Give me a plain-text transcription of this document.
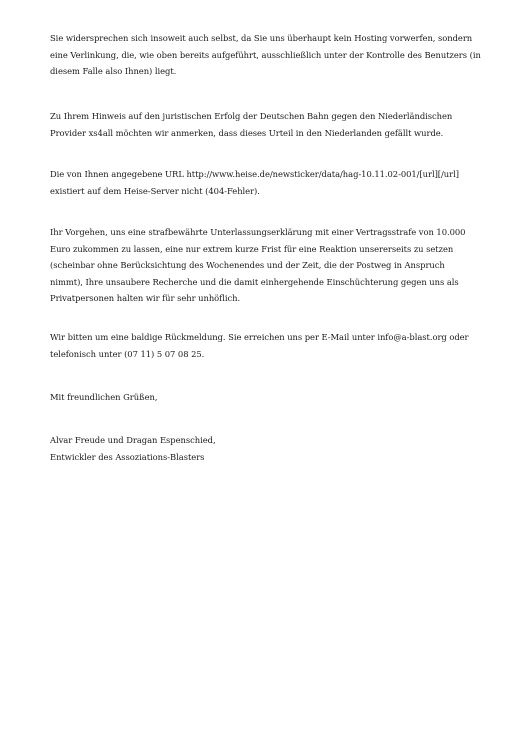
Sie widersprechen sich insoweit auch selbst, da Sie uns überhaupt kein Hosting vorwerfen, sondern
eine Verlinkung, die, wie oben bereits aufgeführt, ausschließlich unter der Kontrolle des Benutzers (in
diesem Falle also Ihnen) liegt.

Zu Ihrem Hinweis auf den juristischen Erfolg der Deutschen Bahn gegen den Niederländischen
Provider xs4all möchten wir anmerken, dass dieses Urteil in den Niederlanden gefällt wurde.

Die von Ihnen angegebene URL http://www.heise.de/newsticker/data/hag-10.11.02-001/[url][/url]
existiert auf dem Heise-Server nicht (404-Fehler).

Ihr Vorgehen, uns eine strafbewährte Unterlassungserklärung mit einer Vertragsstrafe von 10.000
Euro zukommen zu lassen, eine nur extrem kurze Frist für eine Reaktion unsererseits zu setzen
(scheinbar ohne Berücksichtung des Wochenendes und der Zeit, die der Postweg in Anspruch
nimmt), Ihre unsaubere Recherche und die damit einhergehende Einschüchterung gegen uns als
Privatpersonen halten wir für sehr unhöflich.

Wir bitten um eine baldige Rückmeldung. Sie erreichen uns per E-Mail unter info@a-blast.org oder
telefonisch unter (07 11) 5 07 08 25.

Mit freundlichen Grüßen,

Alvar Freude und Dragan Espenschied,
Entwickler des Assoziations-Blasters
